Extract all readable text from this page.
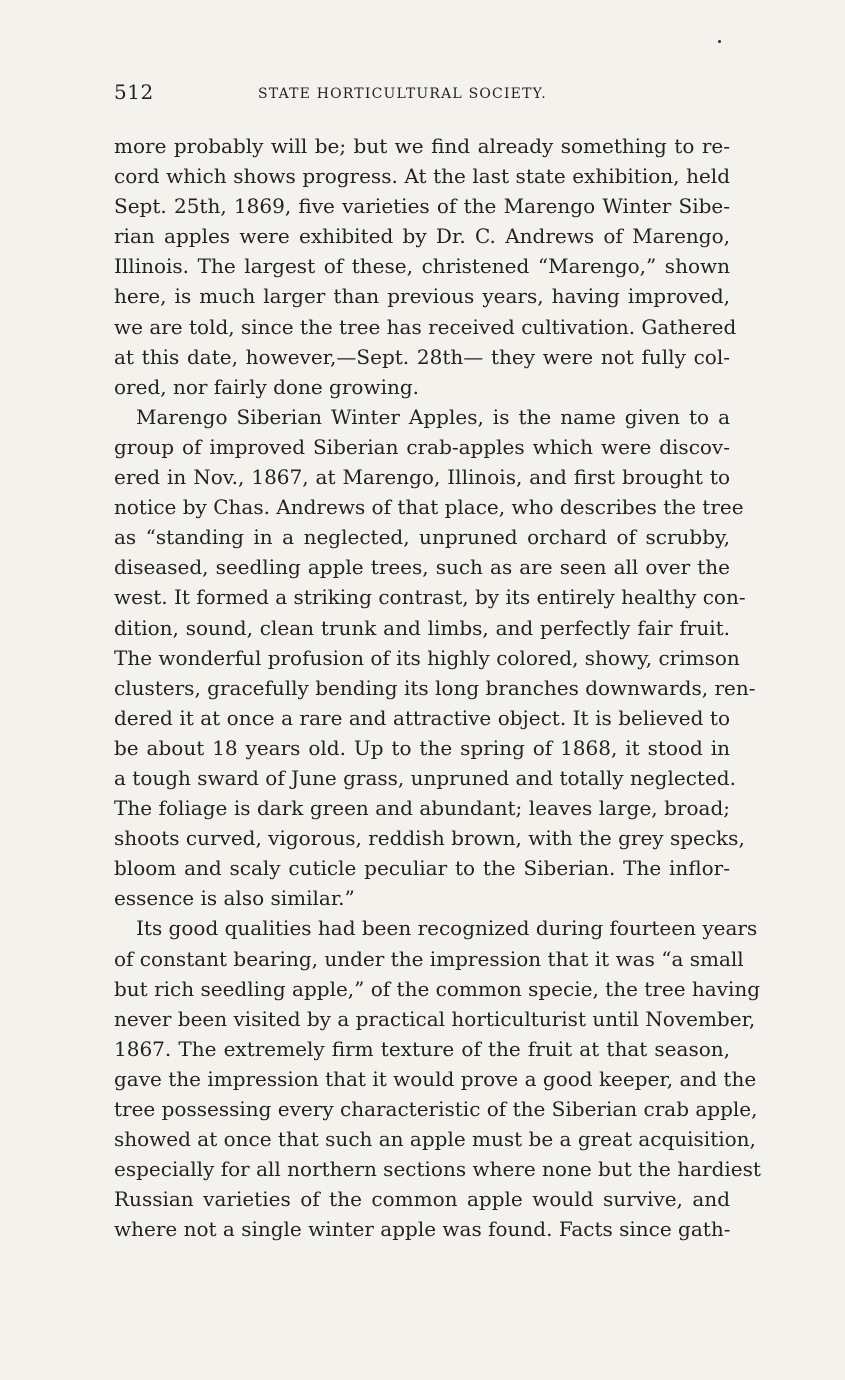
512	STATE HORTICULTURAL SOCIETY.
more probably will be; but we find already something to re-
cord which shows progress. At the last state exhibition, held
Sept. 25th, 1869, five varieties of the Marengo Winter Sibe-
rian apples were exhibited by Dr. C. Andrews of Marengo,
Illinois. The largest of these, christened “Marengo,” shown
here, is much larger than previous years, having improved,
we are told, since the tree has received cultivation. Gathered
at this date, however,—Sept. 28th— they were not fully col-
ored, nor fairly done growing.
Marengo Siberian Winter Apples, is the name given to a
group of improved Siberian crab-apples which were discov-
ered in Nov., 1867, at Marengo, Illinois, and first brought to
notice by Chas. Andrews of that place, who describes the tree
as “standing in a neglected, unpruned orchard of scrubby,
diseased, seedling apple trees, such as are seen all over the
west. It formed a striking contrast, by its entirely healthy con-
dition, sound, clean trunk and limbs, and perfectly fair fruit.
The wonderful profusion of its highly colored, showy, crimson
clusters, gracefully bending its long branches downwards, ren-
dered it at once a rare and attractive object. It is believed to
be about 18 years old. Up to the spring of 1868, it stood in
a tough sward of June grass, unpruned and totally neglected.
The foliage is dark green and abundant; leaves large, broad;
shoots curved, vigorous, reddish brown, with the grey specks,
bloom and scaly cuticle peculiar to the Siberian. The inflor-
essence is also similar.”
Its good qualities had been recognized during fourteen years
of constant bearing, under the impression that it was “a small
but rich seedling apple,” of the common specie, the tree having
never been visited by a practical horticulturist until November,
1867. The extremely firm texture of the fruit at that season,
gave the impression that it would prove a good keeper, and the
tree possessing every characteristic of the Siberian crab apple,
showed at once that such an apple must be a great acquisition,
especially for all northern sections where none but the hardiest
Russian varieties of the common apple would survive, and
where not a single winter apple was found. Facts since gath-
